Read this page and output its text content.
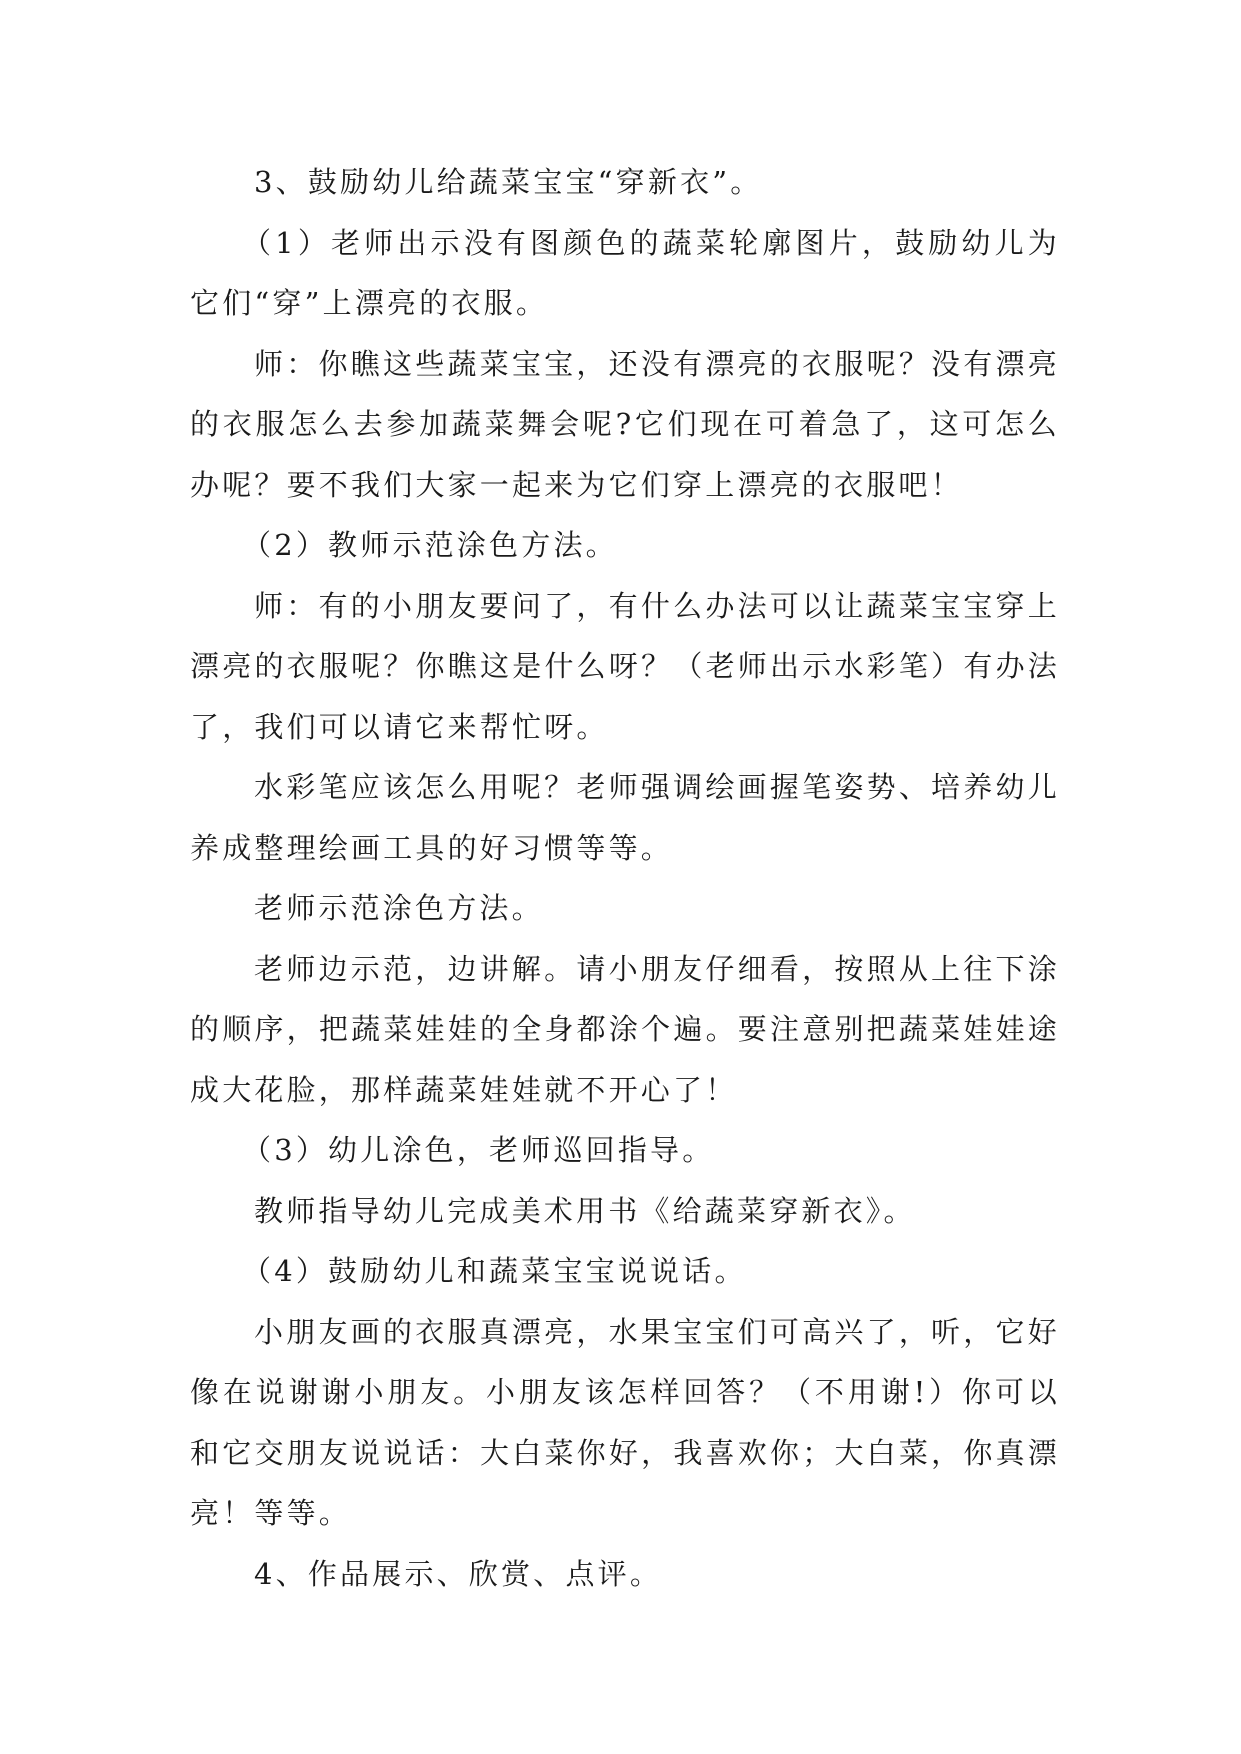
3、鼓励幼儿给蔬菜宝宝“穿新衣”。

（1）老师出示没有图颜色的蔬菜轮廓图片，鼓励幼儿为它们“穿”上漂亮的衣服。

师：你瞧这些蔬菜宝宝，还没有漂亮的衣服呢？没有漂亮的衣服怎么去参加蔬菜舞会呢?它们现在可着急了，这可怎么办呢？要不我们大家一起来为它们穿上漂亮的衣服吧！

（2）教师示范涂色方法。

师：有的小朋友要问了，有什么办法可以让蔬菜宝宝穿上漂亮的衣服呢？你瞧这是什么呀？（老师出示水彩笔）有办法了，我们可以请它来帮忙呀。

水彩笔应该怎么用呢？老师强调绘画握笔姿势、培养幼儿养成整理绘画工具的好习惯等等。

老师示范涂色方法。

老师边示范，边讲解。请小朋友仔细看，按照从上往下涂的顺序，把蔬菜娃娃的全身都涂个遍。要注意别把蔬菜娃娃途成大花脸，那样蔬菜娃娃就不开心了！

（3）幼儿涂色，老师巡回指导。

教师指导幼儿完成美术用书《给蔬菜穿新衣》。

（4）鼓励幼儿和蔬菜宝宝说说话。

小朋友画的衣服真漂亮，水果宝宝们可高兴了，听，它好像在说谢谢小朋友。小朋友该怎样回答？（不用谢!）你可以和它交朋友说说话：大白菜你好，我喜欢你；大白菜，你真漂亮！等等。

4、作品展示、欣赏、点评。
